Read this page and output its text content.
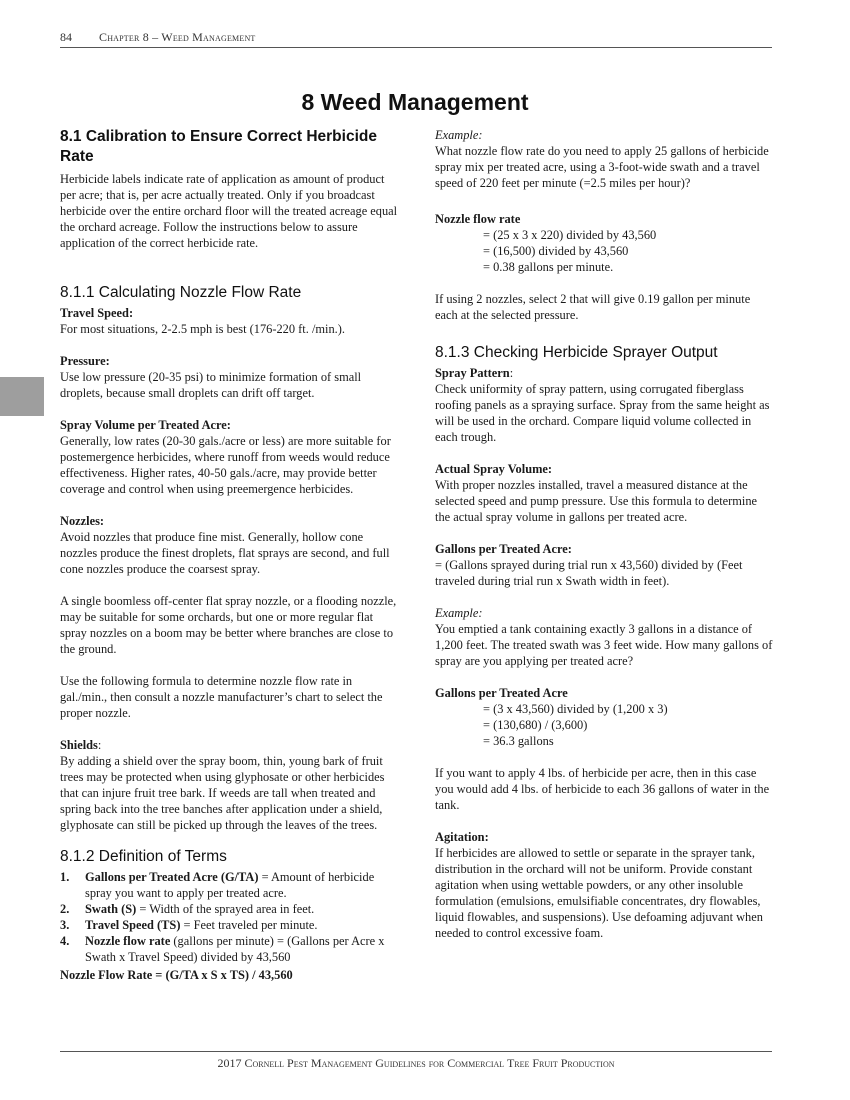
84 Chapter 8 – Weed Management
8 Weed Management
8.1 Calibration to Ensure Correct Herbicide Rate

Herbicide labels indicate rate of application as amount of product per acre; that is, per acre actually treated. Only if you broadcast herbicide over the entire orchard floor will the treated acreage equal the orchard acreage. Follow the instructions below to assure application of the correct herbicide rate.

8.1.1 Calculating Nozzle Flow Rate
Travel Speed:

For most situations, 2-2.5 mph is best (176-220 ft. /min.).

Pressure:

Use low pressure (20-35 psi) to minimize formation of small droplets, because small droplets can drift off target.

Spray Volume per Treated Acre:

Generally, low rates (20-30 gals./acre or less) are more suitable for postemergence herbicides, where runoff from weeds would reduce effectiveness. Higher rates, 40-50 gals./acre, may provide better coverage and control when using preemergence herbicides.

Nozzles:

Avoid nozzles that produce fine mist. Generally, hollow cone nozzles produce the finest droplets, flat sprays are second, and full cone nozzles produce the coarsest spray.

A single boomless off-center flat spray nozzle, or a flooding nozzle, may be suitable for some orchards, but one or more regular flat spray nozzles on a boom may be better where branches are close to the ground.

Use the following formula to determine nozzle flow rate in gal./min., then consult a nozzle manufacturer’s chart to select the proper nozzle.

Shields:

By adding a shield over the spray boom, thin, young bark of fruit trees may be protected when using glyphosate or other herbicides that can injure fruit tree bark. If weeds are tall when treated and spring back into the tree banches after application under a shield, glyphosate can still be picked up through the leaves of the trees.

8.1.2 Definition of Terms
1. Gallons per Treated Acre (G/TA) = Amount of herbicide spray you want to apply per treated acre.
2. Swath (S) = Width of the sprayed area in feet.
3. Travel Speed (TS) = Feet traveled per minute.
4. Nozzle flow rate (gallons per minute) = (Gallons per Acre x Swath x Travel Speed) divided by 43,560
Nozzle Flow Rate = (G/TA x S x TS) / 43,560
Example:

What nozzle flow rate do you need to apply 25 gallons of herbicide spray mix per treated acre, using a 3-foot-wide swath and a travel speed of 220 feet per minute (=2.5 miles per hour)?

Nozzle flow rate
= (25 x 3 x 220) divided by 43,560
= (16,500) divided by 43,560
= 0.38 gallons per minute.

If using 2 nozzles, select 2 that will give 0.19 gallon per minute each at the selected pressure.

8.1.3 Checking Herbicide Sprayer Output
Spray Pattern:

Check uniformity of spray pattern, using corrugated fiberglass roofing panels as a spraying surface. Spray from the same height as will be used in the orchard. Compare liquid volume collected in each trough.

Actual Spray Volume:

With proper nozzles installed, travel a measured distance at the selected speed and pump pressure. Use this formula to determine the actual spray volume in gallons per treated acre.

Gallons per Treated Acre:

= (Gallons sprayed during trial run x 43,560) divided by (Feet traveled during trial run x Swath width in feet).

Example:

You emptied a tank containing exactly 3 gallons in a distance of 1,200 feet. The treated swath was 3 feet wide. How many gallons of spray are you applying per treated acre?

Gallons per Treated Acre
= (3 x 43,560) divided by (1,200 x 3)
= (130,680) / (3,600)
= 36.3 gallons

If you want to apply 4 lbs. of herbicide per acre, then in this case you would add 4 lbs. of herbicide to each 36 gallons of water in the tank.

Agitation:

If herbicides are allowed to settle or separate in the sprayer tank, distribution in the orchard will not be uniform. Provide constant agitation when using wettable powders, or any other insoluble formulation (emulsions, emulsifiable concentrates, dry flowables, liquid flowables, and suspensions). Use defoaming adjuvant when needed to control excessive foam.

2017 Cornell Pest Management Guidelines for Commercial Tree Fruit Production
